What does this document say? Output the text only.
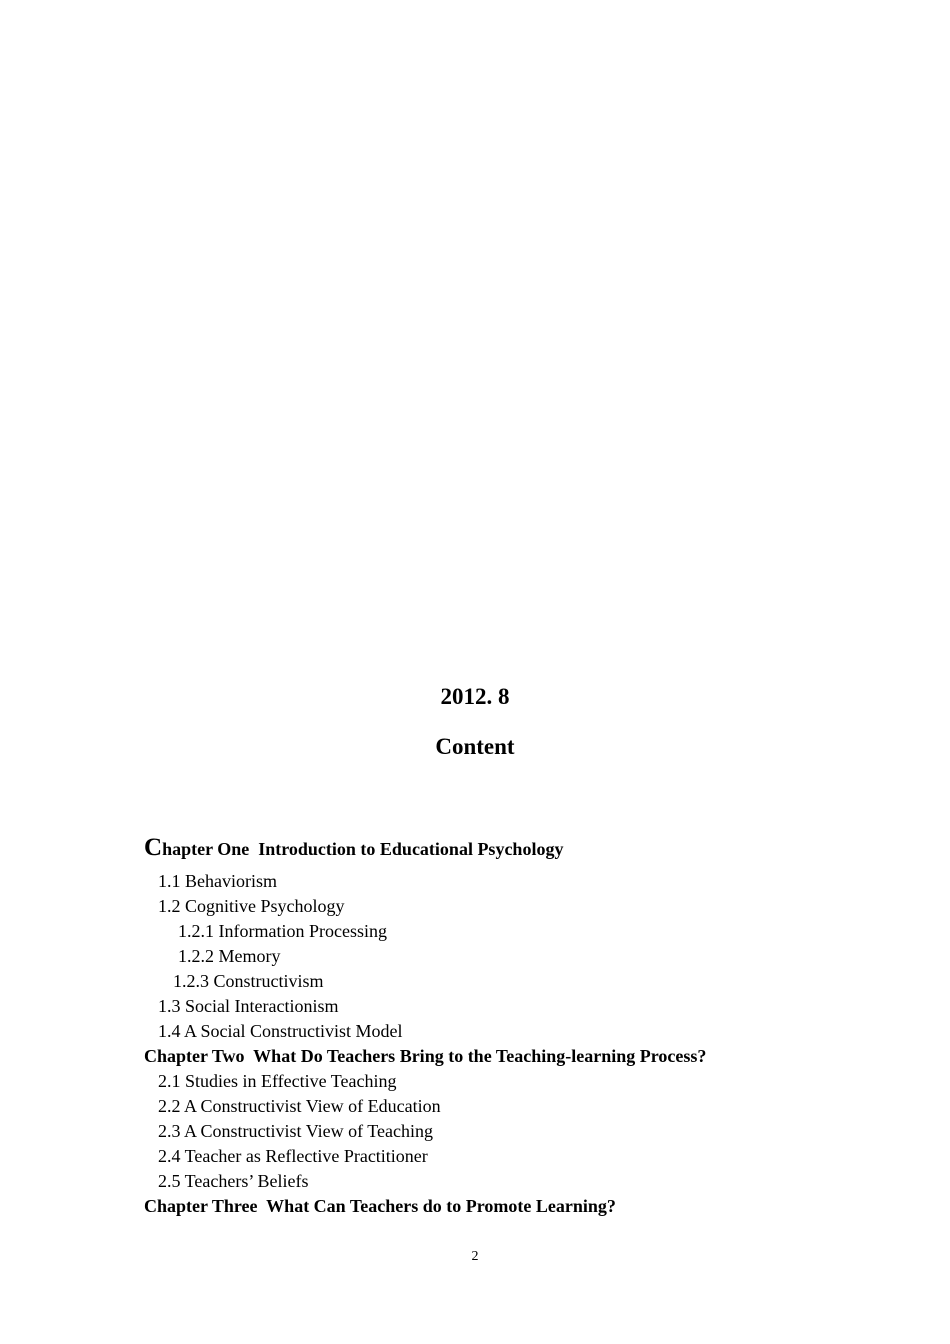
2012. 8
Content
Chapter One  Introduction to Educational Psychology
1.1 Behaviorism
1.2 Cognitive Psychology
1.2.1 Information Processing
1.2.2 Memory
1.2.3 Constructivism
1.3 Social Interactionism
1.4 A Social Constructivist Model
Chapter Two  What Do Teachers Bring to the Teaching-learning Process?
2.1 Studies in Effective Teaching
2.2 A Constructivist View of Education
2.3 A Constructivist View of Teaching
2.4 Teacher as Reflective Practitioner
2.5 Teachers’ Beliefs
Chapter Three  What Can Teachers do to Promote Learning?
2
